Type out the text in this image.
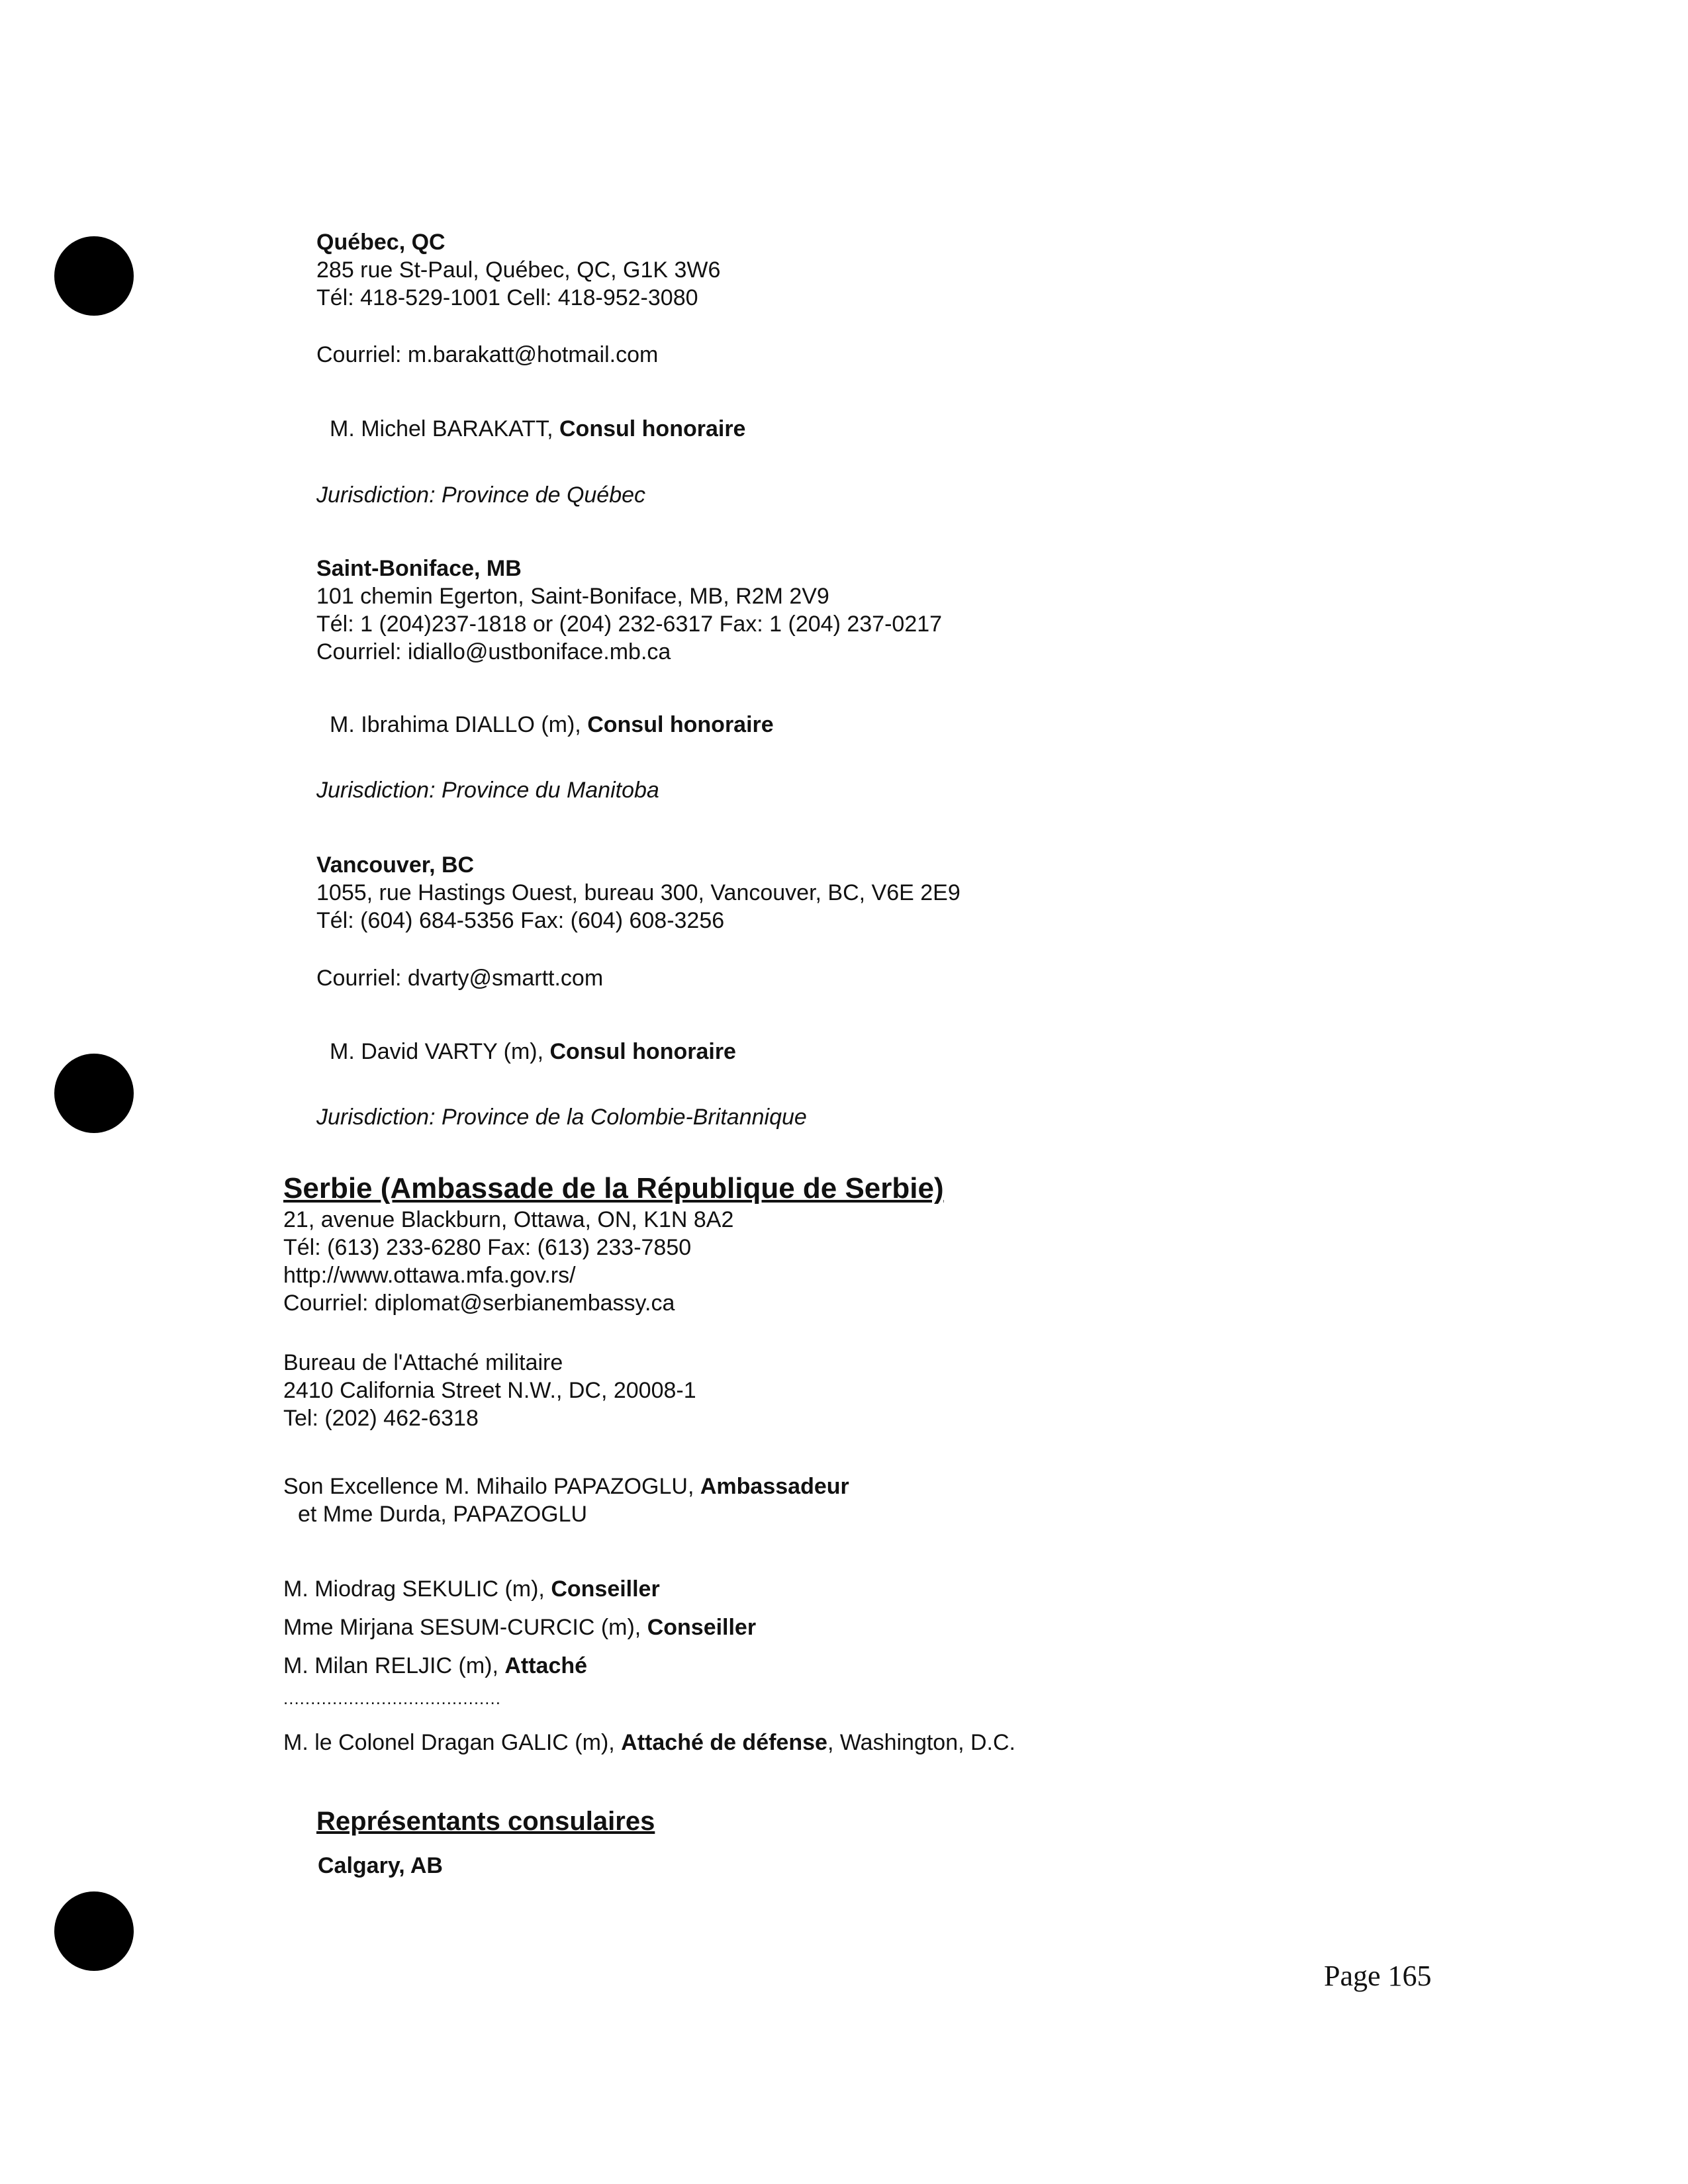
Québec, QC
285 rue St-Paul, Québec, QC, G1K 3W6
Tél: 418-529-1001 Cell: 418-952-3080
Courriel: m.barakatt@hotmail.com
M. Michel BARAKATT, Consul honoraire
Jurisdiction: Province de Québec
Saint-Boniface, MB
101 chemin Egerton, Saint-Boniface, MB, R2M 2V9
Tél: 1 (204)237-1818 or (204) 232-6317 Fax: 1 (204) 237-0217
Courriel: idiallo@ustboniface.mb.ca
M. Ibrahima DIALLO (m), Consul honoraire
Jurisdiction: Province du Manitoba
Vancouver, BC
1055, rue Hastings Ouest, bureau 300, Vancouver, BC, V6E 2E9
Tél: (604) 684-5356 Fax: (604) 608-3256
Courriel: dvarty@smartt.com
M. David VARTY (m), Consul honoraire
Jurisdiction: Province de la Colombie-Britannique
Serbie (Ambassade de la République de Serbie)
21, avenue Blackburn, Ottawa, ON, K1N 8A2
Tél: (613) 233-6280 Fax: (613) 233-7850
http://www.ottawa.mfa.gov.rs/
Courriel: diplomat@serbianembassy.ca
Bureau de l'Attaché militaire
2410 California Street N.W., DC, 20008-1
Tel: (202) 462-6318
Son Excellence M. Mihailo PAPAZOGLU, Ambassadeur
et Mme Durda, PAPAZOGLU
M. Miodrag SEKULIC (m), Conseiller
Mme Mirjana SESUM-CURCIC (m), Conseiller
M. Milan RELJIC (m), Attaché
........................................
M. le Colonel Dragan GALIC (m), Attaché de défense, Washington, D.C.
Représentants consulaires
Calgary, AB
Page 165
